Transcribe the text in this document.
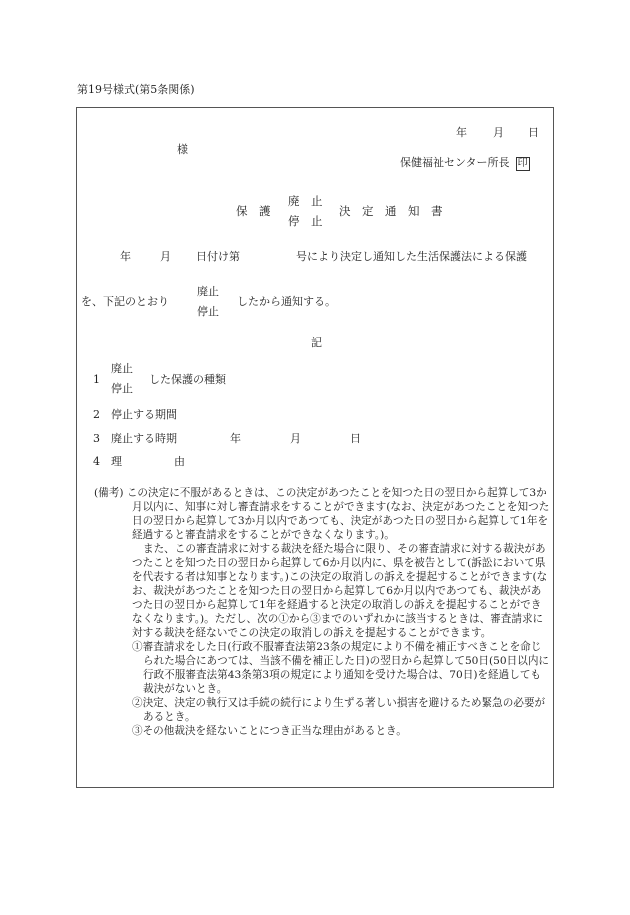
第19号様式(第5条関係)
年 月 日
様
保健福祉センター所長 印
保　護
廃　止
停　止
決　定　通　知　書
年	月 日付け第	号により決定し通知した生活保護法による保護
を、下記のとおり
廃止
停止
したから通知する。
記
1
廃止
停止
した保護の種類
2 停止する期間
3 廃止する時期	年	月	日
4 理	由

(備考) この決定に不服があるときは、この決定があつたことを知つた日の翌日から起算して3か月以内に、知事に対し審査請求をすることができます(なお、決定があつたことを知つた日の翌日から起算して3か月以内であつても、決定があつた日の翌日から起算して1年を経過すると審査請求をすることができなくなります。)。

また、この審査請求に対する裁決を経た場合に限り、その審査請求に対する裁決があつたことを知つた日の翌日から起算して6か月以内に、県を被告として(訴訟において県を代表する者は知事となります。)この決定の取消しの訴えを提起することができます(なお、裁決があつたことを知つた日の翌日から起算して6か月以内であつても、裁決があつた日の翌日から起算して1年を経過すると決定の取消しの訴えを提起することができなくなります。)。ただし、次の①から③までのいずれかに該当するときは、審査請求に対する裁決を経ないでこの決定の取消しの訴えを提起することができます。

①審査請求をした日(行政不服審査法第23条の規定により不備を補正すべきことを命じられた場合にあつては、当該不備を補正した日)の翌日から起算して50日(50日以内に行政不服審査法第43条第3項の規定により通知を受けた場合は、70日)を経過しても裁決がないとき。

②決定、決定の執行又は手続の続行により生ずる著しい損害を避けるため緊急の必要があるとき。

③その他裁決を経ないことにつき正当な理由があるとき。
